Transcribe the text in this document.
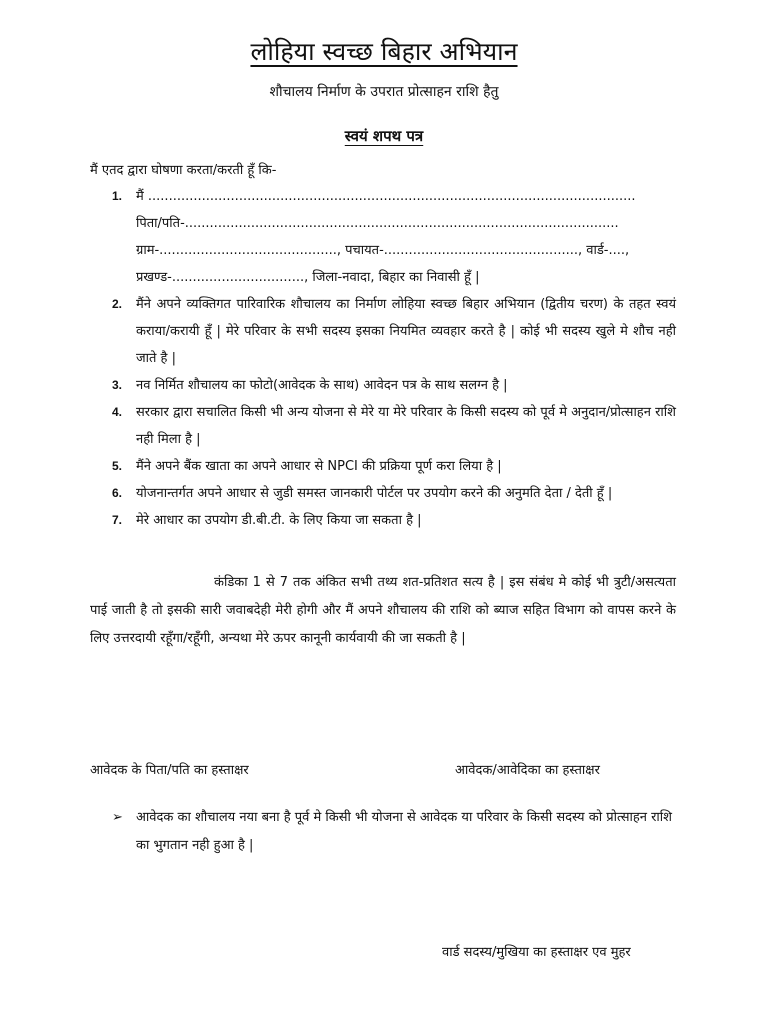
लोहिया स्वच्छ बिहार अभियान
शौचालय निर्माण के उपरात प्रोत्साहन राशि हैतु
स्वयं शपथ पत्र
मैं एतद द्वारा घोषणा करता/करती हूँ कि-
1. मैं ......................................................................................................................
पिता/पति-.........................................................................................................
ग्राम-..........................................., पचायत-..............................................., वार्ड-....,
प्रखण्ड-................................, जिला-नवादा, बिहार का निवासी हूँ |
2. मैंने अपने व्यक्तिगत पारिवारिक शौचालय का निर्माण लोहिया स्वच्छ बिहार अभियान (द्वितीय चरण) के तहत स्वयं कराया/करायी हूँ | मेरे परिवार के सभी सदस्य इसका नियमित व्यवहार करते है | कोई भी सदस्य खुले मे शौच नही जाते है |
3. नव निर्मित शौचालय का फोटो(आवेदक के साथ) आवेदन पत्र के साथ सलग्न है |
4. सरकार द्वारा सचालित किसी भी अन्य योजना से मेरे या मेरे परिवार के किसी सदस्य को पूर्व मे अनुदान/प्रोत्साहन राशि नही मिला है |
5. मैंने अपने बैंक खाता का अपने आधार से NPCI की प्रक्रिया पूर्ण करा लिया है |
6. योजनान्तर्गत अपने आधार से जुडी समस्त जानकारी पोर्टल पर उपयोग करने की अनुमति देता / देती हूँ |
7. मेरे आधार का उपयोग डी.बी.टी. के लिए किया जा सकता है |
कंडिका 1 से 7 तक अंकित सभी तथ्य शत-प्रतिशत सत्य है | इस संबंध मे कोई भी त्रुटी/असत्यता पाई जाती है तो इसकी सारी जवाबदेही मेरी होगी और मैं अपने शौचालय की राशि को ब्याज सहित विभाग को वापस करने के लिए उत्तरदायी रहूँगा/रहूँगी, अन्यथा मेरे ऊपर कानूनी कार्यवायी की जा सकती है |
आवेदक के पिता/पति का हस्ताक्षर	आवेदक/आवेदिका का हस्ताक्षर
➢	आवेदक का शौचालय नया बना है पूर्व मे किसी भी योजना से आवेदक या परिवार के किसी सदस्य को प्रोत्साहन राशि का भुगतान नही हुआ है |
वार्ड सदस्य/मुखिया का हस्ताक्षर एव मुहर
